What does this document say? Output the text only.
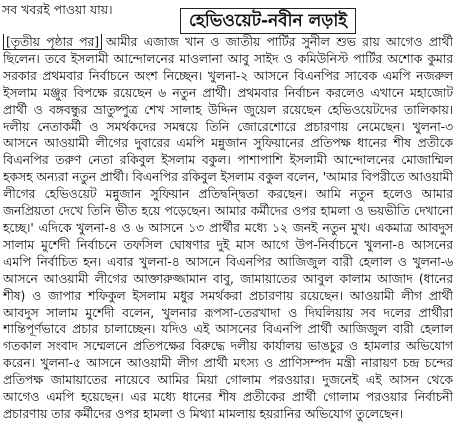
সব খবরই পাওয়া যায়।
হেভিওয়েট-নবীন লড়াই
[তৃতীয় পৃষ্ঠার পর] আমীর এজাজ খান ও জাতীয় পার্টির সুনীল শুভ রায় আগেও প্রার্থী ছিলেন। তবে ইসলামী আন্দোলনের মাওলানা আবু সাইদ ও কমিউনিস্ট পার্টির অশোক কুমার সরকার প্রথমবার নির্বাচনে অংশ নিচ্ছেন। খুলনা-২ আসনে বিএনপির সাবেক এমপি নজরুল ইসলাম মঞ্জুর বিপক্ষে রয়েছেন ৬ নতুন প্রার্থী। প্রথমবার নির্বাচন করলেও এখানে মহাজোট প্রার্থী ও বঙ্গবন্ধুর ভ্রাতুষ্পুত্র শেখ সালাহ উদ্দিন জুয়েল রয়েছেন হেভিওয়েটদের তালিকায়। দলীয় নেতাকর্মী ও সমর্থকদের সমন্বয়ে তিনি জোরেশোরে প্রচারণায় নেমেছেন। খুলনা-৩ আসনে আওয়ামী লীগের দুবারের এমপি মন্নুজান সুফিয়ানের প্রতিপক্ষ ধানের শীষ প্রতীকে বিএনপির তরুণ নেতা রকিবুল ইসলাম বকুল। পাশাপাশি ইসলামী আন্দোলনের মোজাম্মিল হকসহ অন্যরা নতুন প্রার্থী। বিএনপির রকিবুল ইসলাম বকুল বলেন, 'আমার বিপরীতে আওয়ামী লীগের হেভিওয়েট মন্নুজান সুফিয়ান প্রতিদ্বন্দ্বিতা করছেন। আমি নতুন হলেও আমার জনপ্রিয়তা দেখে তিনি ভীত হয়ে পড়েছেন। আমার কর্মীদের ওপর হামলা ও ভয়ভীতি দেখানো হচ্ছে।' এদিকে খুলনা-৪ ও ৬ আসনে ১৩ প্রার্থীর মধ্যে ১২ জনই নতুন মুখ। একমাত্র আবদুস সালাম মুর্শেদী নির্বাচনে তফসিল ঘোষণার দুই মাস আগে উপ-নির্বাচনে খুলনা-৪ আসনের এমপি নির্বাচিত হন। এবার খুলনা-৪ আসনে বিএনপির আজিজুল বারী হেলাল ও খুলনা-৬ আসনে আওয়ামী লীগের আক্তারুজ্জামান বাবু, জামায়াতের আবুল কালাম আজাদ (ধানের শীষ) ও জাপার শফিকুল ইসলাম মধুর সমর্থকরা প্রচারণায় রয়েছেন। আওয়ামী লীগ প্রার্থী আবদুস সালাম মুর্শেদী বলেন, খুলনার রূপসা-তেরখাদা ও দিঘলিয়ায় সব দলের প্রার্থীরা শান্তিপূর্ণভাবে প্রচার চালাচ্ছেন। যদিও এই আসনের বিএনপি প্রার্থী আজিজুল বারী হেলাল গতকাল সংবাদ সম্মেলনে প্রতিপক্ষের বিরুদ্ধে দলীয় কার্যালয় ভাঙচুর ও হামলার অভিযোগ করেন। খুলনা-৫ আসনে আওয়ামী লীগ প্রার্থী মৎস্য ও প্রাণিসম্পদ মন্ত্রী নারায়ণ চন্দ্র চন্দের প্রতিপক্ষ জামায়াতের নায়েবে আমির মিয়া গোলাম পরওয়ার। দুজনেই এই আসন থেকে আগেও এমপি হয়েছেন। এর মধ্যে ধানের শীষ প্রতীকের প্রার্থী গোলাম পরওয়ার নির্বাচনী প্রচারণায় তার কর্মীদের ওপর হামলা ও মিথ্যা মামলায় হয়রানির অভিযোগ তুলেছেন।
